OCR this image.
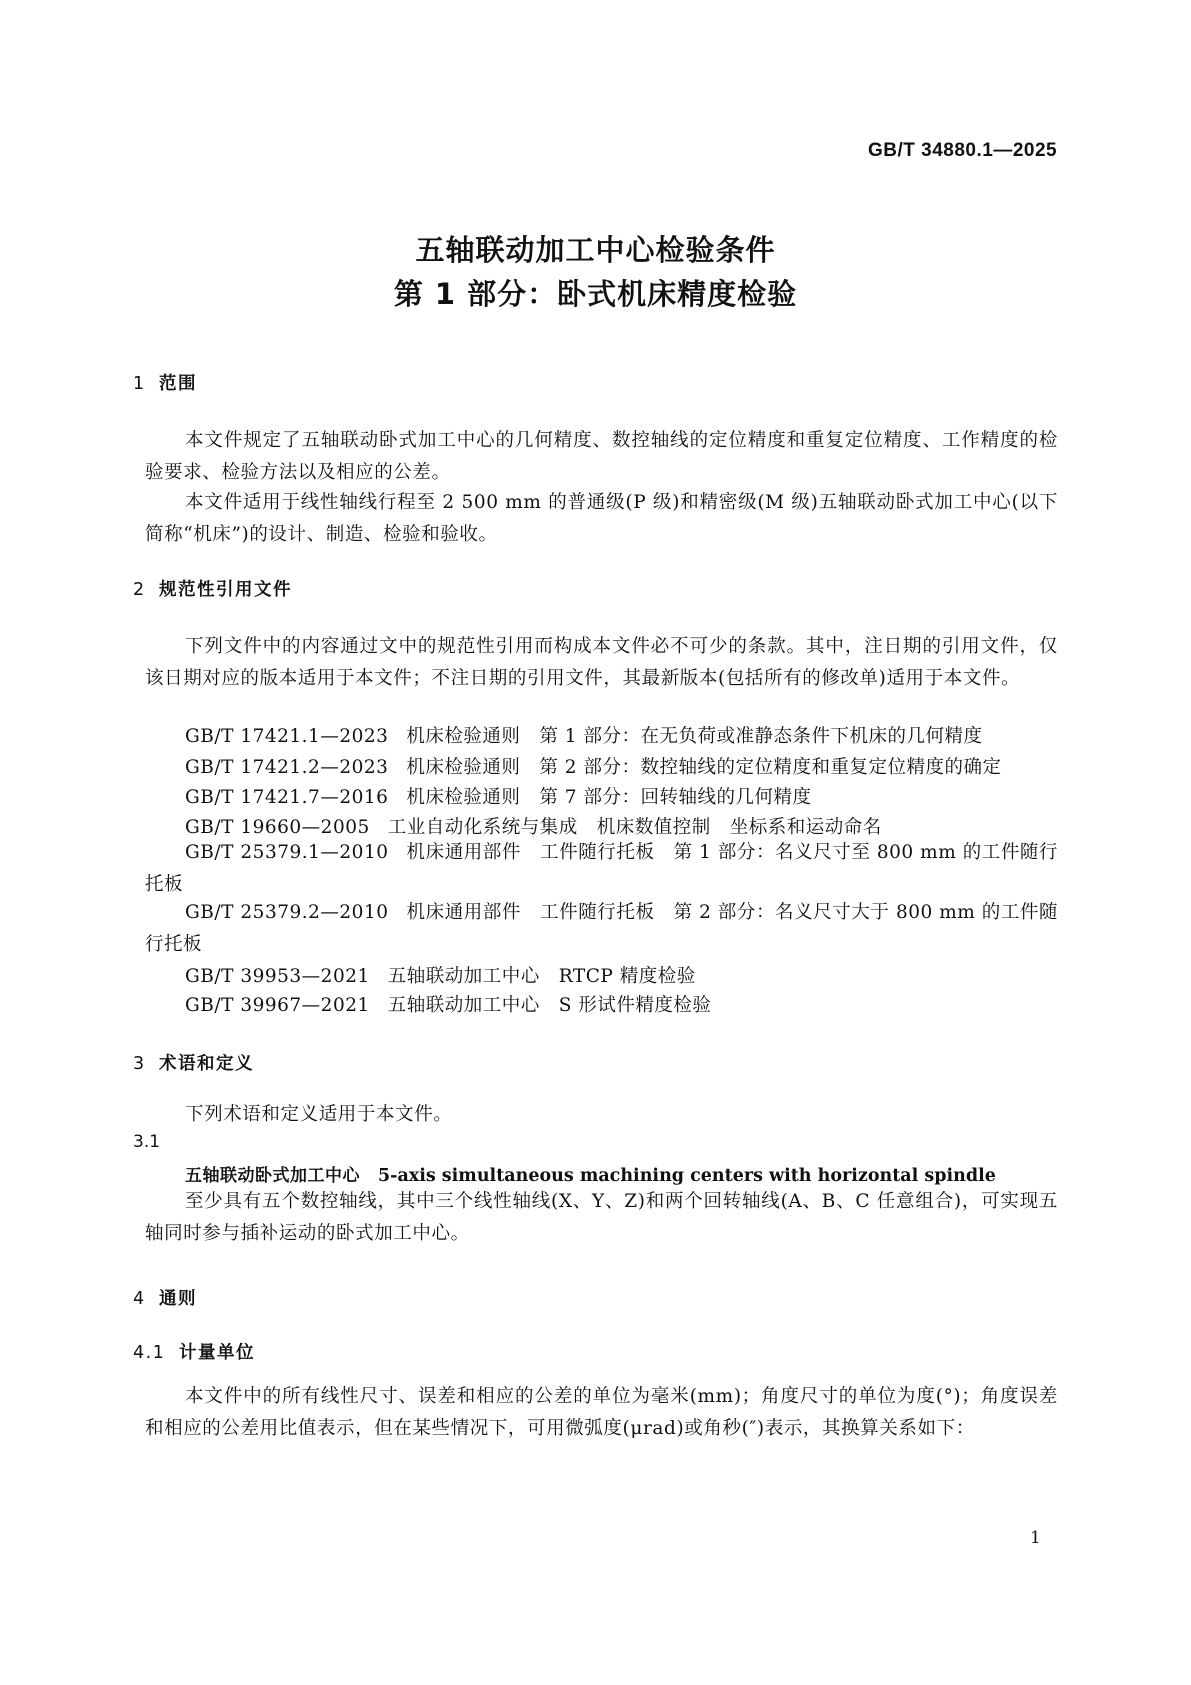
GB/T 34880.1—2025
五轴联动加工中心检验条件
第 1 部分：卧式机床精度检验
1 范围
本文件规定了五轴联动卧式加工中心的几何精度、数控轴线的定位精度和重复定位精度、工作精度的检验要求、检验方法以及相应的公差。
本文件适用于线性轴线行程至 2 500 mm 的普通级(P 级)和精密级(M 级)五轴联动卧式加工中心(以下简称“机床”)的设计、制造、检验和验收。
2 规范性引用文件
下列文件中的内容通过文中的规范性引用而构成本文件必不可少的条款。其中，注日期的引用文件，仅该日期对应的版本适用于本文件；不注日期的引用文件，其最新版本(包括所有的修改单)适用于本文件。
GB/T 17421.1—2023 机床检验通则　第 1 部分：在无负荷或准静态条件下机床的几何精度
GB/T 17421.2—2023 机床检验通则　第 2 部分：数控轴线的定位精度和重复定位精度的确定
GB/T 17421.7—2016 机床检验通则　第 7 部分：回转轴线的几何精度
GB/T 19660—2005 工业自动化系统与集成　机床数值控制　坐标系和运动命名
GB/T 25379.1—2010 机床通用部件　工件随行托板　第 1 部分：名义尺寸至 800 mm 的工件随行托板
GB/T 25379.2—2010 机床通用部件　工件随行托板　第 2 部分：名义尺寸大于 800 mm 的工件随行托板
GB/T 39953—2021 五轴联动加工中心　RTCP 精度检验
GB/T 39967—2021 五轴联动加工中心　S 形试件精度检验
3 术语和定义
下列术语和定义适用于本文件。
3.1
五轴联动卧式加工中心 5-axis simultaneous machining centers with horizontal spindle
至少具有五个数控轴线，其中三个线性轴线(X、Y、Z)和两个回转轴线(A、B、C 任意组合)，可实现五轴同时参与插补运动的卧式加工中心。
4 通则
4.1 计量单位
本文件中的所有线性尺寸、误差和相应的公差的单位为毫米(mm)；角度尺寸的单位为度(°)；角度误差和相应的公差用比值表示，但在某些情况下，可用微弧度(μrad)或角秒(″)表示，其换算关系如下：
1
